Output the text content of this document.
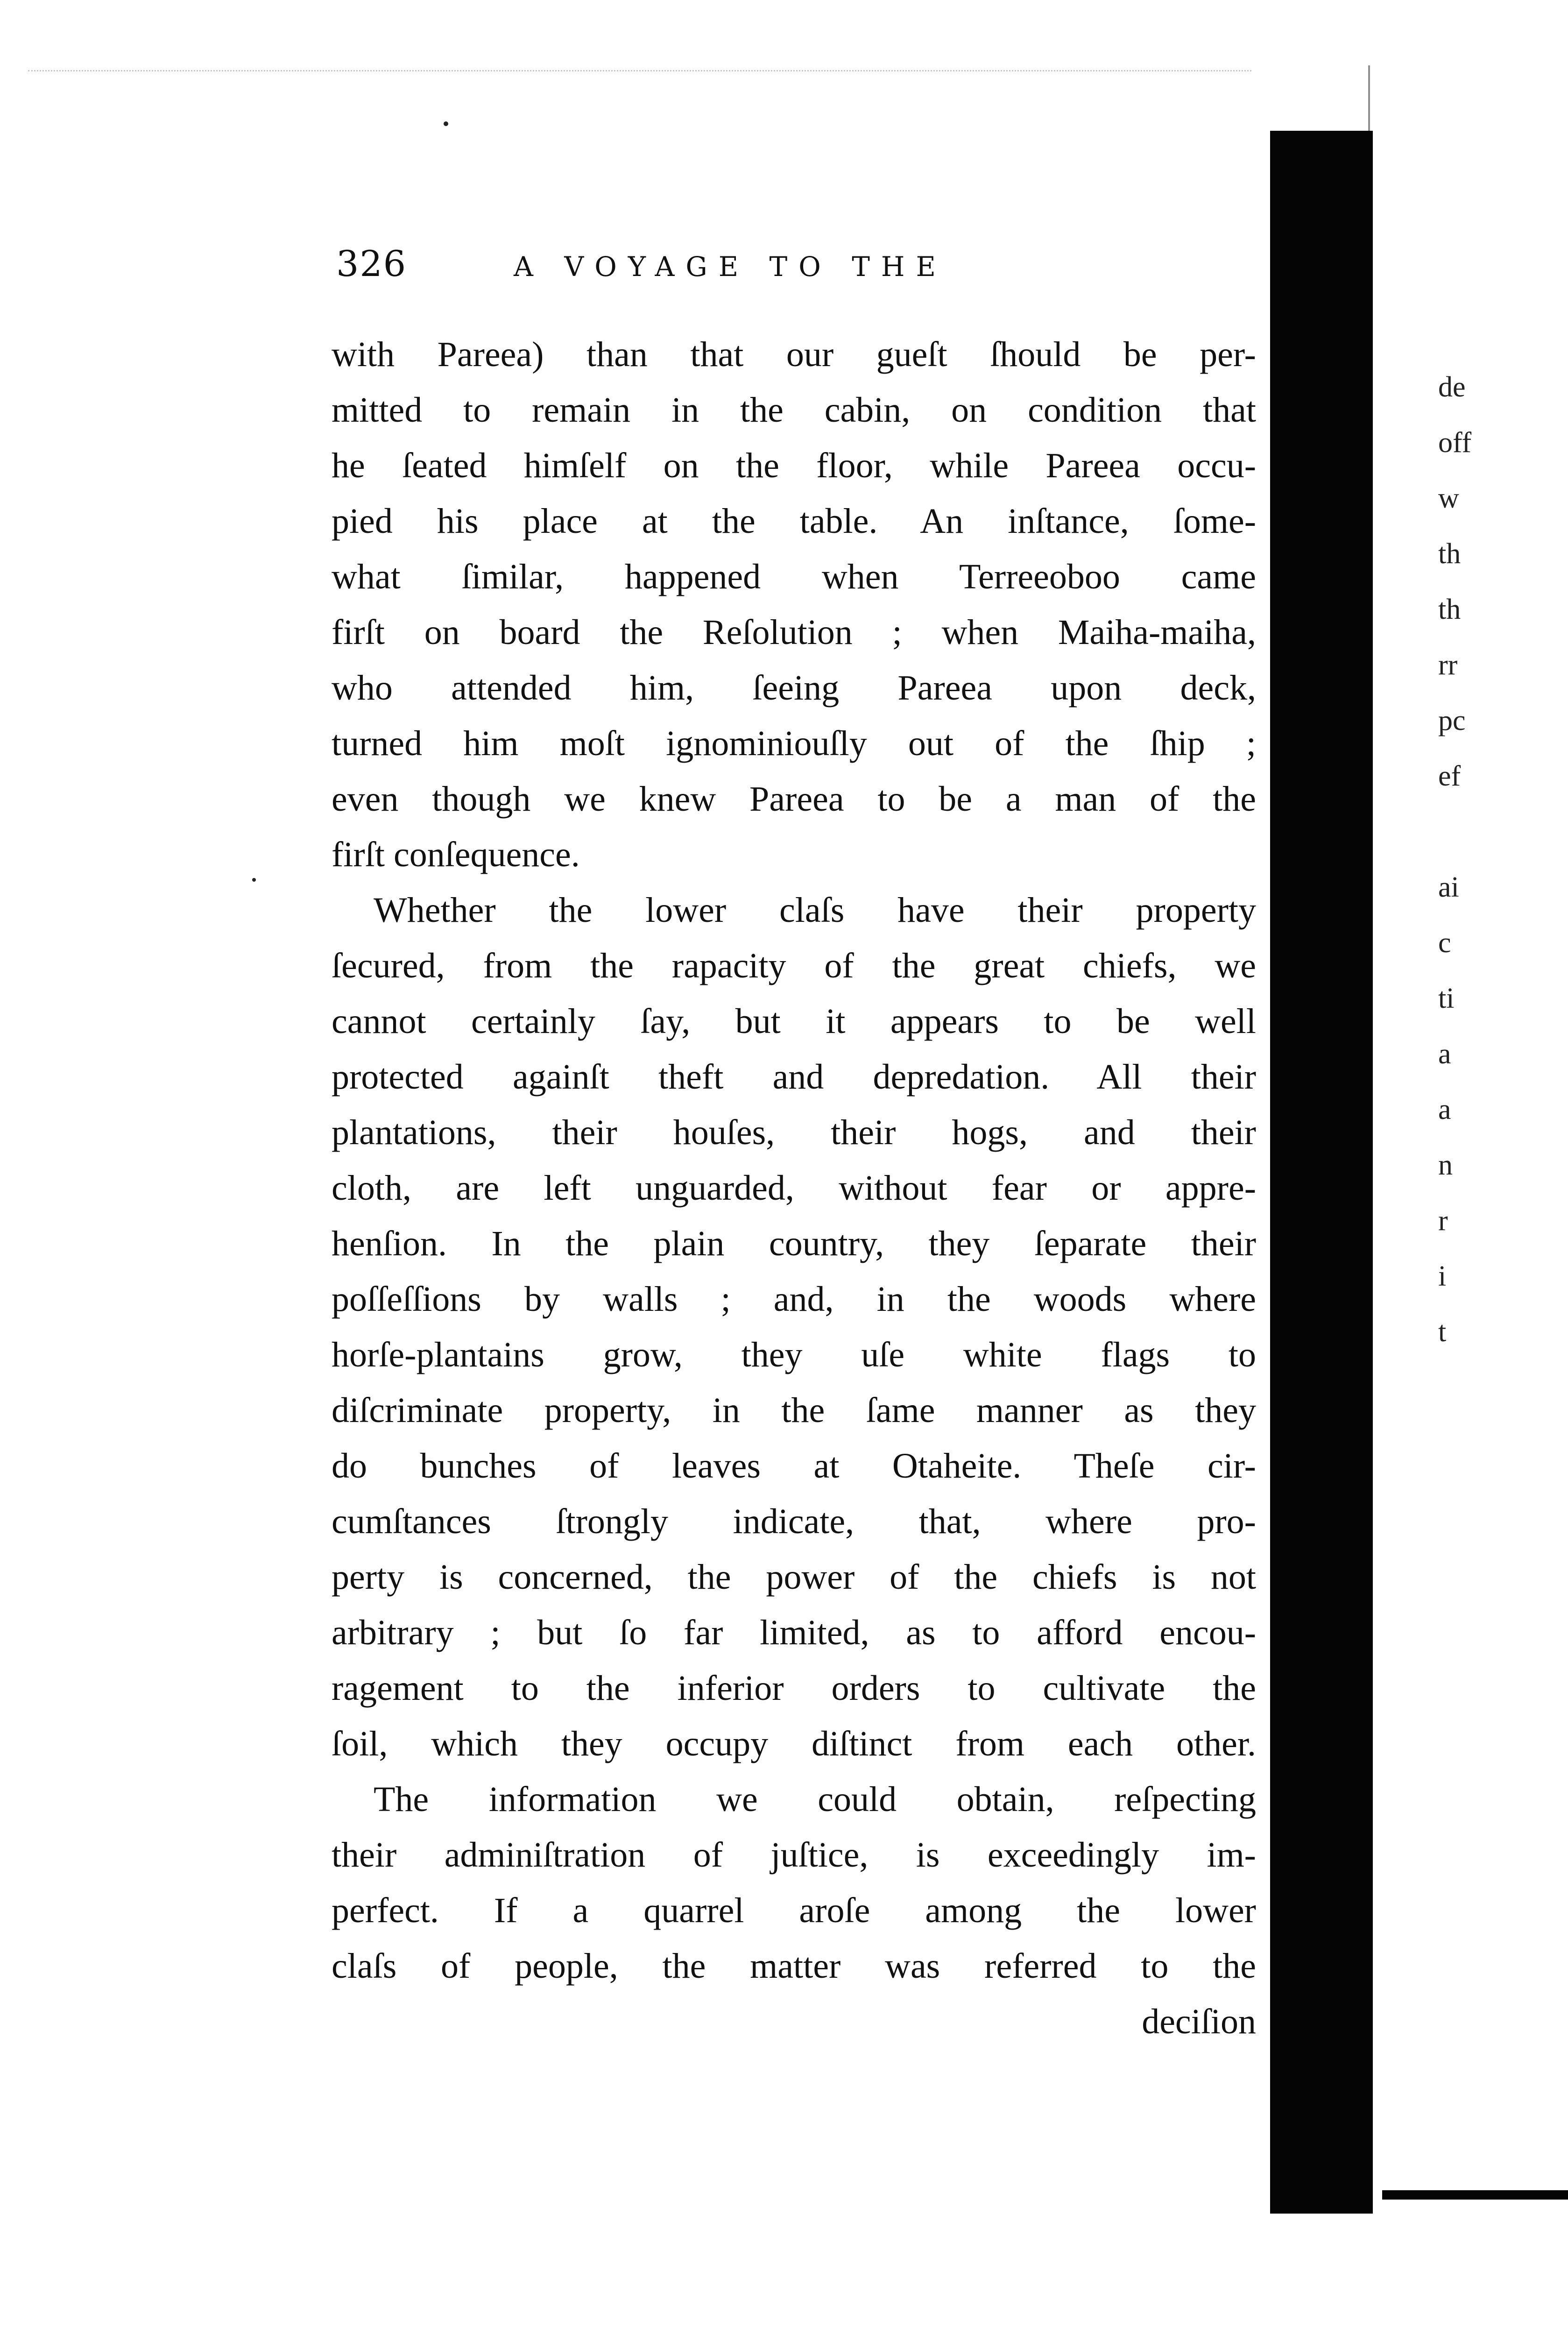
326	A VOYAGE TO THE
with Pareea) than that our gueſt ſhould be per-
mitted to remain in the cabin, on condition that
he ſeated himſelf on the floor, while Pareea occu-
pied his place at the table. An inſtance, ſome-
what ſimilar, happened when Terreeoboo came
firſt on board the Reſolution ; when Maiha-maiha,
who attended him, ſeeing Pareea upon deck,
turned him moſt ignominiouſly out of the ſhip ;
even though we knew Pareea to be a man of the
firſt conſequence.
Whether the lower claſs have their property
ſecured, from the rapacity of the great chiefs, we
cannot certainly ſay, but it appears to be well
protected againſt theft and depredation. All their
plantations, their houſes, their hogs, and their
cloth, are left unguarded, without fear or appre-
henſion. In the plain country, they ſeparate their
poſſeſſions by walls ; and, in the woods where
horſe-plantains grow, they uſe white flags to
diſcriminate property, in the ſame manner as they
do bunches of leaves at Otaheite. Theſe cir-
cumſtances ſtrongly indicate, that, where pro-
perty is concerned, the power of the chiefs is not
arbitrary ; but ſo far limited, as to afford encou-
ragement to the inferior orders to cultivate the
ſoil, which they occupy diſtinct from each other.
The information we could obtain, reſpecting
their adminiſtration of juſtice, is exceedingly im-
perfect. If a quarrel aroſe among the lower
claſs of people, the matter was referred to the
deciſion
de
off
w
th
th
rr
pc
ef
ai
c
ti
a
a
n
r
i
t
